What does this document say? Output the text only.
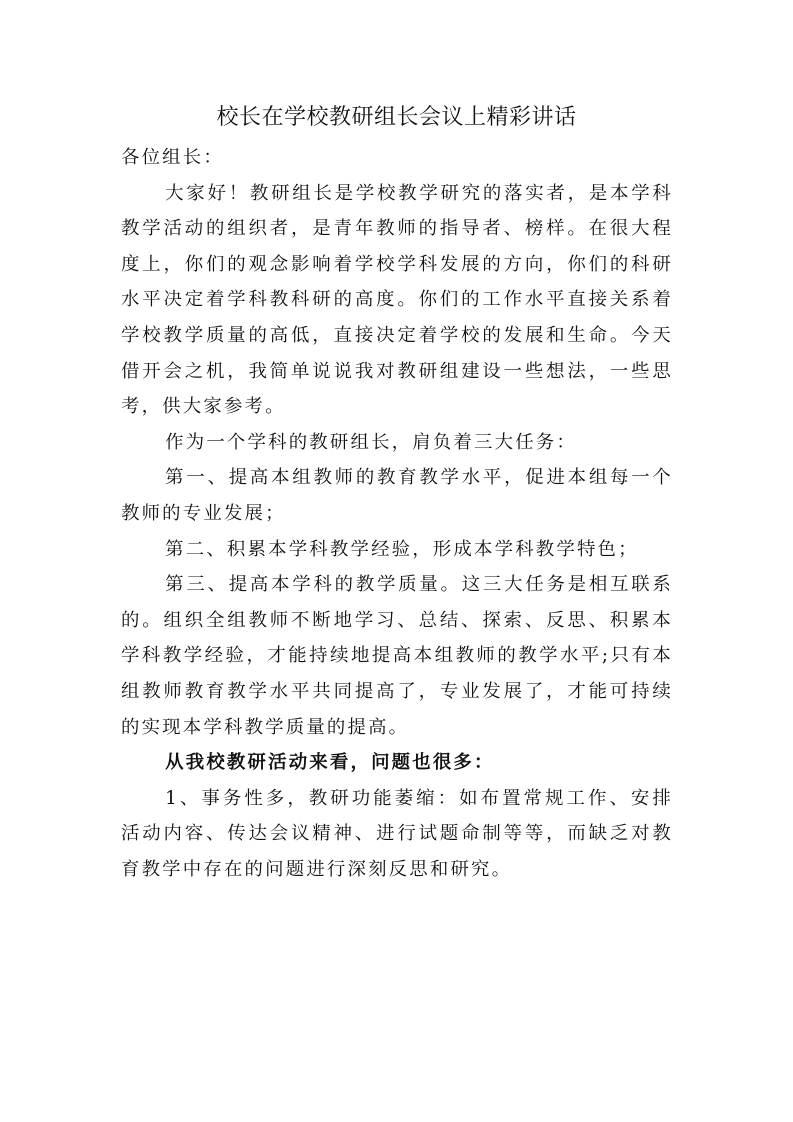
校长在学校教研组长会议上精彩讲话

各位组长：

大家好！教研组长是学校教学研究的落实者，是本学科教学活动的组织者，是青年教师的指导者、榜样。在很大程度上，你们的观念影响着学校学科发展的方向，你们的科研水平决定着学科教科研的高度。你们的工作水平直接关系着学校教学质量的高低，直接决定着学校的发展和生命。今天借开会之机，我简单说说我对教研组建设一些想法，一些思考，供大家参考。

作为一个学科的教研组长，肩负着三大任务：

第一、提高本组教师的教育教学水平，促进本组每一个教师的专业发展；

第二、积累本学科教学经验，形成本学科教学特色；

第三、提高本学科的教学质量。这三大任务是相互联系的。组织全组教师不断地学习、总结、探索、反思、积累本学科教学经验，才能持续地提高本组教师的教学水平;只有本组教师教育教学水平共同提高了，专业发展了，才能可持续的实现本学科教学质量的提高。

从我校教研活动来看，问题也很多：

1、事务性多，教研功能萎缩：如布置常规工作、安排活动内容、传达会议精神、进行试题命制等等，而缺乏对教育教学中存在的问题进行深刻反思和研究。
